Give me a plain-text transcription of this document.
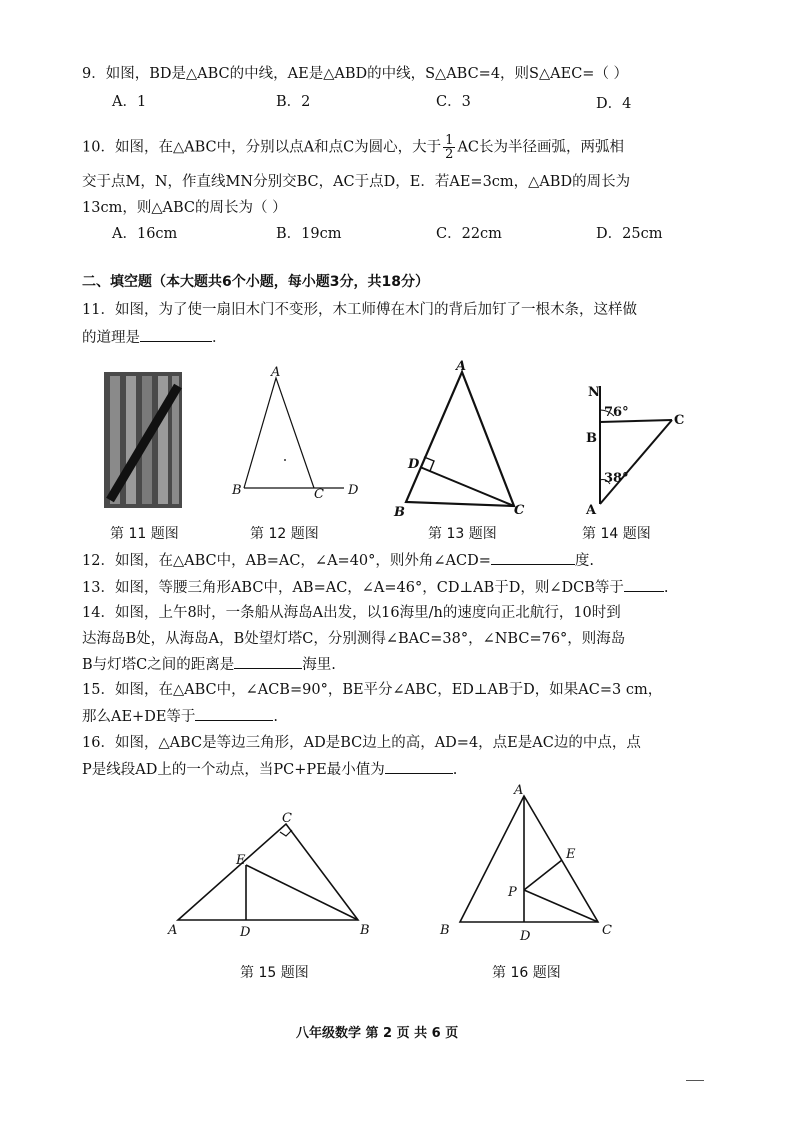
9．如图，BD是△ABC的中线，AE是△ABD的中线，S△ABC=4，则S△AEC=（ ）
A．1	B．2	C．3	D．4
10．如图，在△ABC中，分别以点A和点C为圆心，大于 $\frac{1}{2}$ AC长为半径画弧，两弧相
交于点M，N，作直线MN分别交BC，AC于点D，E．若AE=3cm，△ABD的周长为
13cm，则△ABC的周长为（ ）
A．16cm	B．19cm	C．22cm	D．25cm
二、填空题（本大题共6个小题，每小题3分，共18分）
11．如图，为了使一扇旧木门不变形，木工师傅在木门的背后加钉了一根木条，这样做
的道理是	．
A
B	C D
A
B	C
D
N
B
C
A
76°
38°
第 11 题图	第 12 题图	第 13 题图	第 14 题图
12．如图，在△ABC中，AB=AC，∠A=40°，则外角∠ACD=	度.
13．如图，等腰三角形ABC中，AB=AC，∠A=46°，CD⊥AB于D，则∠DCB等于	.
14．如图，上午8时，一条船从海岛A出发，以16海里/h的速度向正北航行，10时到
达海岛B处，从海岛A，B处望灯塔C，分别测得∠BAC=38°，∠NBC=76°，则海岛
B与灯塔C之间的距离是	海里.
15．如图，在△ABC中，∠ACB=90°，BE平分∠ABC，ED⊥AB于D，如果AC=3 cm，
那么AE+DE等于	.
16．如图，△ABC是等边三角形，AD是BC边上的高，AD=4，点E是AC边的中点，点
P是线段AD上的一个动点，当PC+PE最小值为	.
A	B
C
D
E
第 15 题图
A
B	C
D
E
P
第 16 题图
八年级数学 第 2 页 共 6 页
